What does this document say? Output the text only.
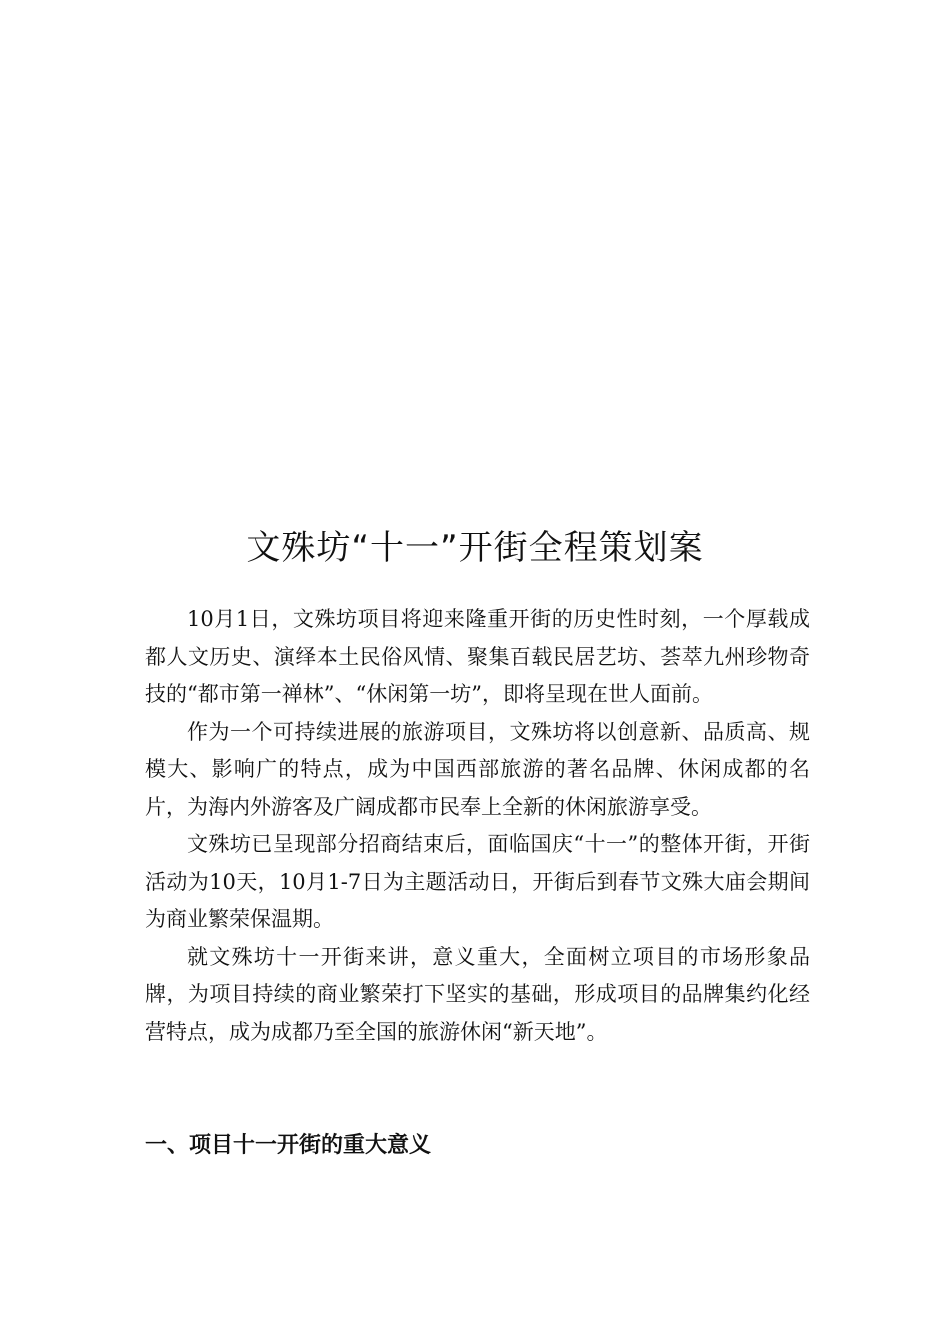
文殊坊“十一”开街全程策划案

10月1日，文殊坊项目将迎来隆重开街的历史性时刻，一个厚载成都人文历史、演绎本土民俗风情、聚集百载民居艺坊、荟萃九州珍物奇技的“都市第一禅林”、“休闲第一坊”，即将呈现在世人面前。

作为一个可持续进展的旅游项目，文殊坊将以创意新、品质高、规模大、影响广的特点，成为中国西部旅游的著名品牌、休闲成都的名片，为海内外游客及广阔成都市民奉上全新的休闲旅游享受。

文殊坊已呈现部分招商结束后，面临国庆“十一”的整体开街，开街活动为10天，10月1-7日为主题活动日，开街后到春节文殊大庙会期间为商业繁荣保温期。

就文殊坊十一开街来讲，意义重大，全面树立项目的市场形象品牌，为项目持续的商业繁荣打下坚实的基础，形成项目的品牌集约化经营特点，成为成都乃至全国的旅游休闲“新天地”。

一、项目十一开街的重大意义
